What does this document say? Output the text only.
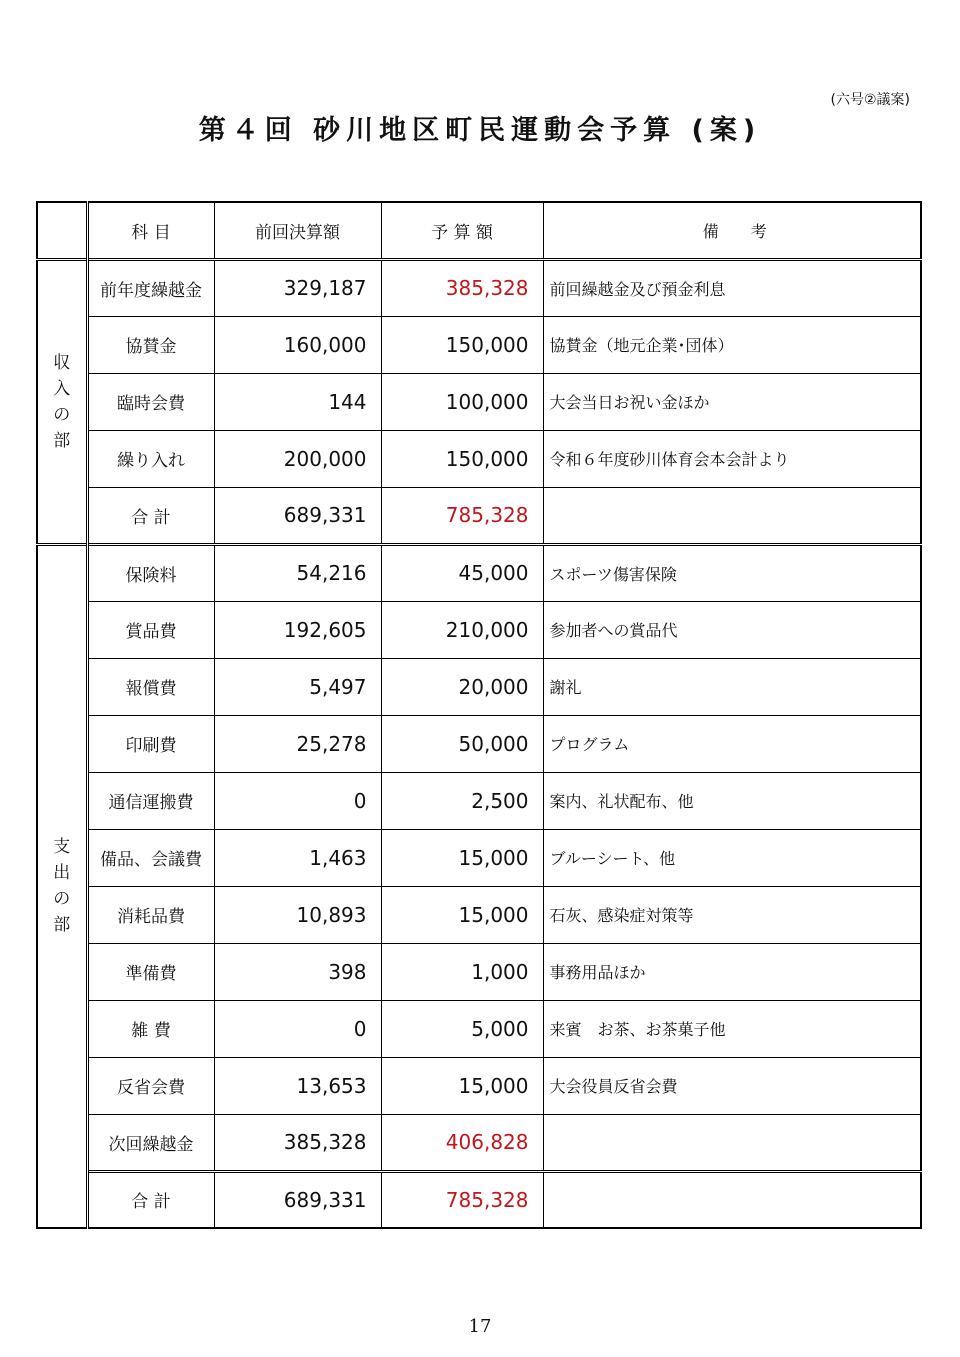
(六号②議案)
第４回 砂川地区町民運動会予算 (案)
	科 目	前回決算額	予 算 額	備　　考
収入の部	前年度繰越金	329,187	385,328	前回繰越金及び預金利息
	協賛金	160,000	150,000	協賛金（地元企業･団体）
	臨時会費	144	100,000	大会当日お祝い金ほか
	繰り入れ	200,000	150,000	令和６年度砂川体育会本会計より
	合 計	689,331	785,328	
支出の部	保険料	54,216	45,000	スポーツ傷害保険
	賞品費	192,605	210,000	参加者への賞品代
	報償費	5,497	20,000	謝礼
	印刷費	25,278	50,000	プログラム
	通信運搬費	0	2,500	案内、礼状配布、他
	備品、会議費	1,463	15,000	ブルーシート、他
	消耗品費	10,893	15,000	石灰、感染症対策等
	準備費	398	1,000	事務用品ほか
	雑 費	0	5,000	来賓　お茶、お茶菓子他
	反省会費	13,653	15,000	大会役員反省会費
	次回繰越金	385,328	406,828	
	合 計	689,331	785,328	
17
